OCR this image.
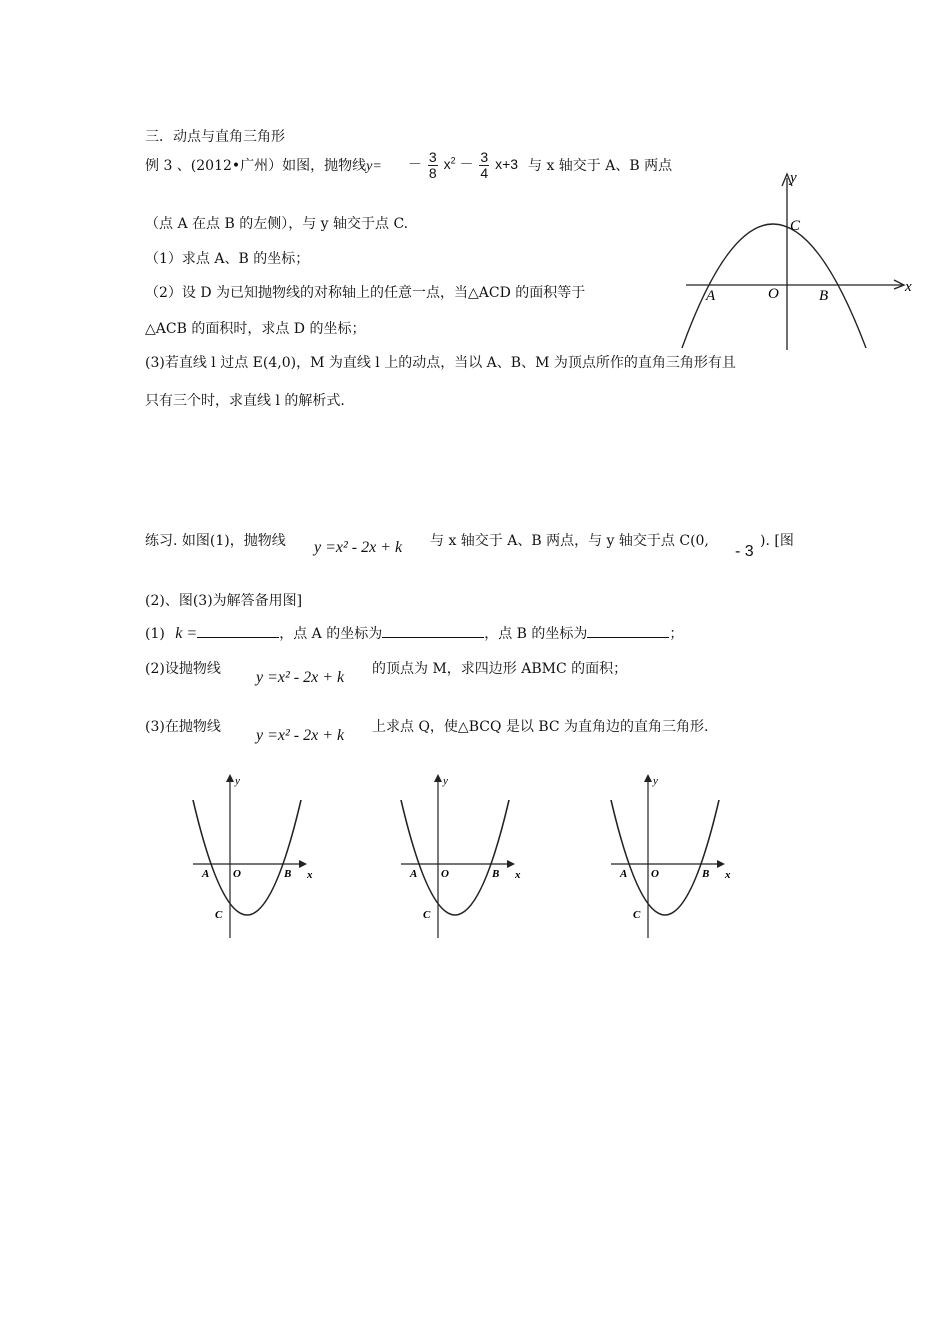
三．动点与直角三角形
例 3 、(2012•广州）如图，抛物线$y= - \frac{3}{8} x^2 - \frac{3}{4} x+3$ 与 x 轴交于 A、B 两点
（点 A 在点 B 的左侧），与 y 轴交于点 C.
（1）求点 A、B 的坐标；
（2）设 D 为已知抛物线的对称轴上的任意一点，当△ACD 的面积等于
△ACB 的面积时，求点 D 的坐标；
(3)若直线 l 过点 E(4,0)，M 为直线 l 上的动点，当以 A、B、M 为顶点所作的直角三角形有且
只有三个时，求直线 l 的解析式.
y
x
C
A	O	B
练习. 如图(1)，抛物线 y =x² - 2x + k 与 x 轴交于 A、B 两点，与 y 轴交于点 C(0,
- 3
). [图
(2)、图(3)为解答备用图]
(1) k =	，点 A 的坐标为	，点 B 的坐标为	；
(2)设抛物线 y =x² - 2x + k 的顶点为 M，求四边形 ABMC 的面积；
(3)在抛物线 y =x² - 2x + k 上求点 Q，使△BCQ 是以 BC 为直角边的直角三角形.
y
A O	B x
C
y
A O	B x
C
y
A O	B x
C
